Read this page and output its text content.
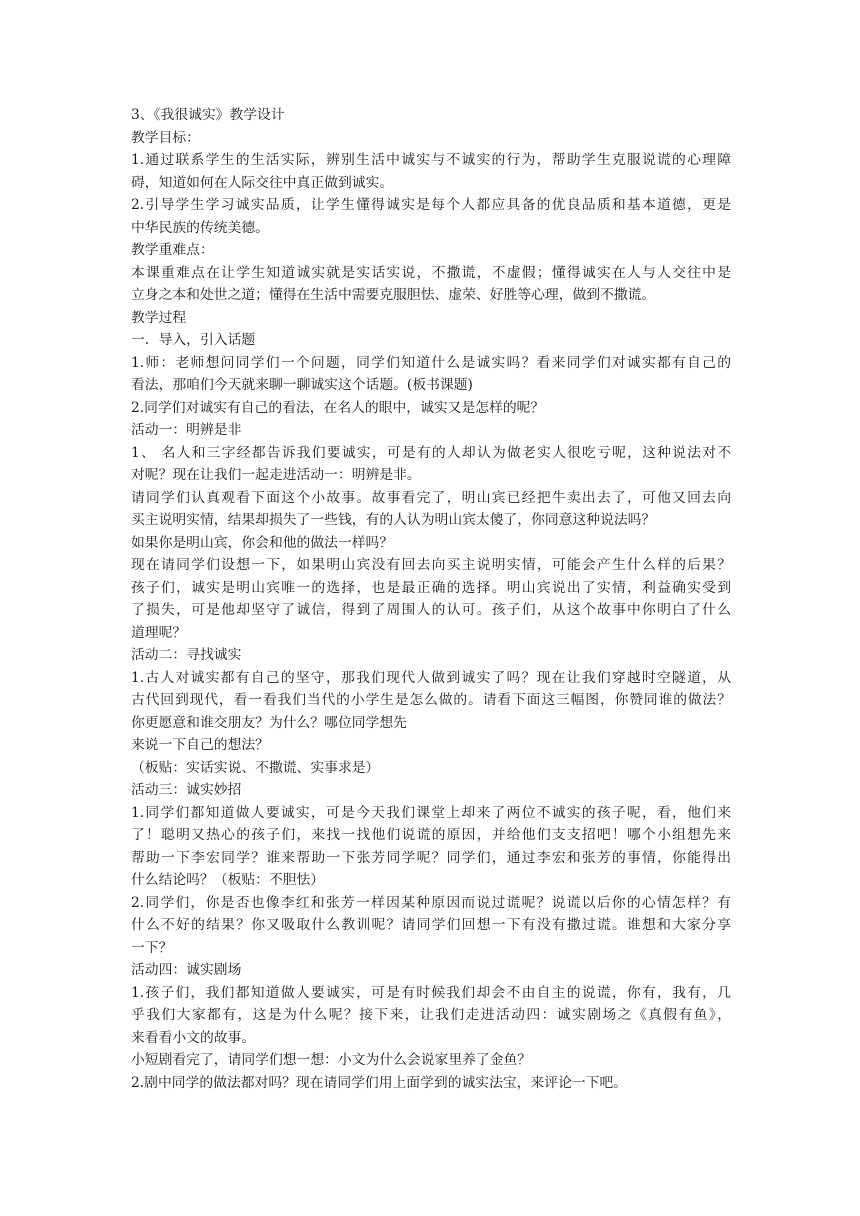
3、《我很诚实》教学设计

教学目标：

1.通过联系学生的生活实际，辨别生活中诚实与不诚实的行为，帮助学生克服说谎的心理障

碍，知道如何在人际交往中真正做到诚实。

2.引导学生学习诚实品质，让学生懂得诚实是每个人都应具备的优良品质和基本道德，更是

中华民族的传统美德。

教学重难点：

本课重难点在让学生知道诚实就是实话实说，不撒谎，不虚假；懂得诚实在人与人交往中是

立身之本和处世之道；懂得在生活中需要克服胆怯、虚荣、好胜等心理，做到不撒谎。

教学过程

一．导入，引入话题

1.师：老师想问同学们一个问题，同学们知道什么是诚实吗？看来同学们对诚实都有自己的

看法，那咱们今天就来聊一聊诚实这个话题。(板书课题)

2.同学们对诚实有自己的看法，在名人的眼中，诚实又是怎样的呢？

活动一：明辨是非

1、 名人和三字经都告诉我们要诚实，可是有的人却认为做老实人很吃亏呢，这种说法对不

对呢？现在让我们一起走进活动一：明辨是非。

请同学们认真观看下面这个小故事。故事看完了，明山宾已经把牛卖出去了，可他又回去向

买主说明实情，结果却损失了一些钱，有的人认为明山宾太傻了，你同意这种说法吗？

如果你是明山宾，你会和他的做法一样吗？

现在请同学们设想一下，如果明山宾没有回去向买主说明实情，可能会产生什么样的后果？

孩子们，诚实是明山宾唯一的选择，也是最正确的选择。明山宾说出了实情，利益确实受到

了损失，可是他却坚守了诚信，得到了周围人的认可。孩子们，从这个故事中你明白了什么

道理呢？

活动二：寻找诚实

1.古人对诚实都有自己的坚守，那我们现代人做到诚实了吗？现在让我们穿越时空隧道，从

古代回到现代，看一看我们当代的小学生是怎么做的。请看下面这三幅图，你赞同谁的做法？

你更愿意和谁交朋友？为什么？哪位同学想先

来说一下自己的想法？

（板贴：实话实说、不撒谎、实事求是）

活动三：诚实妙招

1.同学们都知道做人要诚实，可是今天我们课堂上却来了两位不诚实的孩子呢，看，他们来

了！聪明又热心的孩子们，来找一找他们说谎的原因，并给他们支支招吧！哪个小组想先来

帮助一下李宏同学？谁来帮助一下张芳同学呢？同学们，通过李宏和张芳的事情，你能得出

什么结论吗？（板贴：不胆怯）

2.同学们，你是否也像李红和张芳一样因某种原因而说过谎呢？说谎以后你的心情怎样？有

什么不好的结果？你又吸取什么教训呢？请同学们回想一下有没有撒过谎。谁想和大家分享

一下？

活动四：诚实剧场

1.孩子们，我们都知道做人要诚实，可是有时候我们却会不由自主的说谎，你有，我有，几

乎我们大家都有，这是为什么呢？接下来，让我们走进活动四：诚实剧场之《真假有鱼》，

来看看小文的故事。

小短剧看完了，请同学们想一想：小文为什么会说家里养了金鱼？

2.剧中同学的做法都对吗？现在请同学们用上面学到的诚实法宝，来评论一下吧。
